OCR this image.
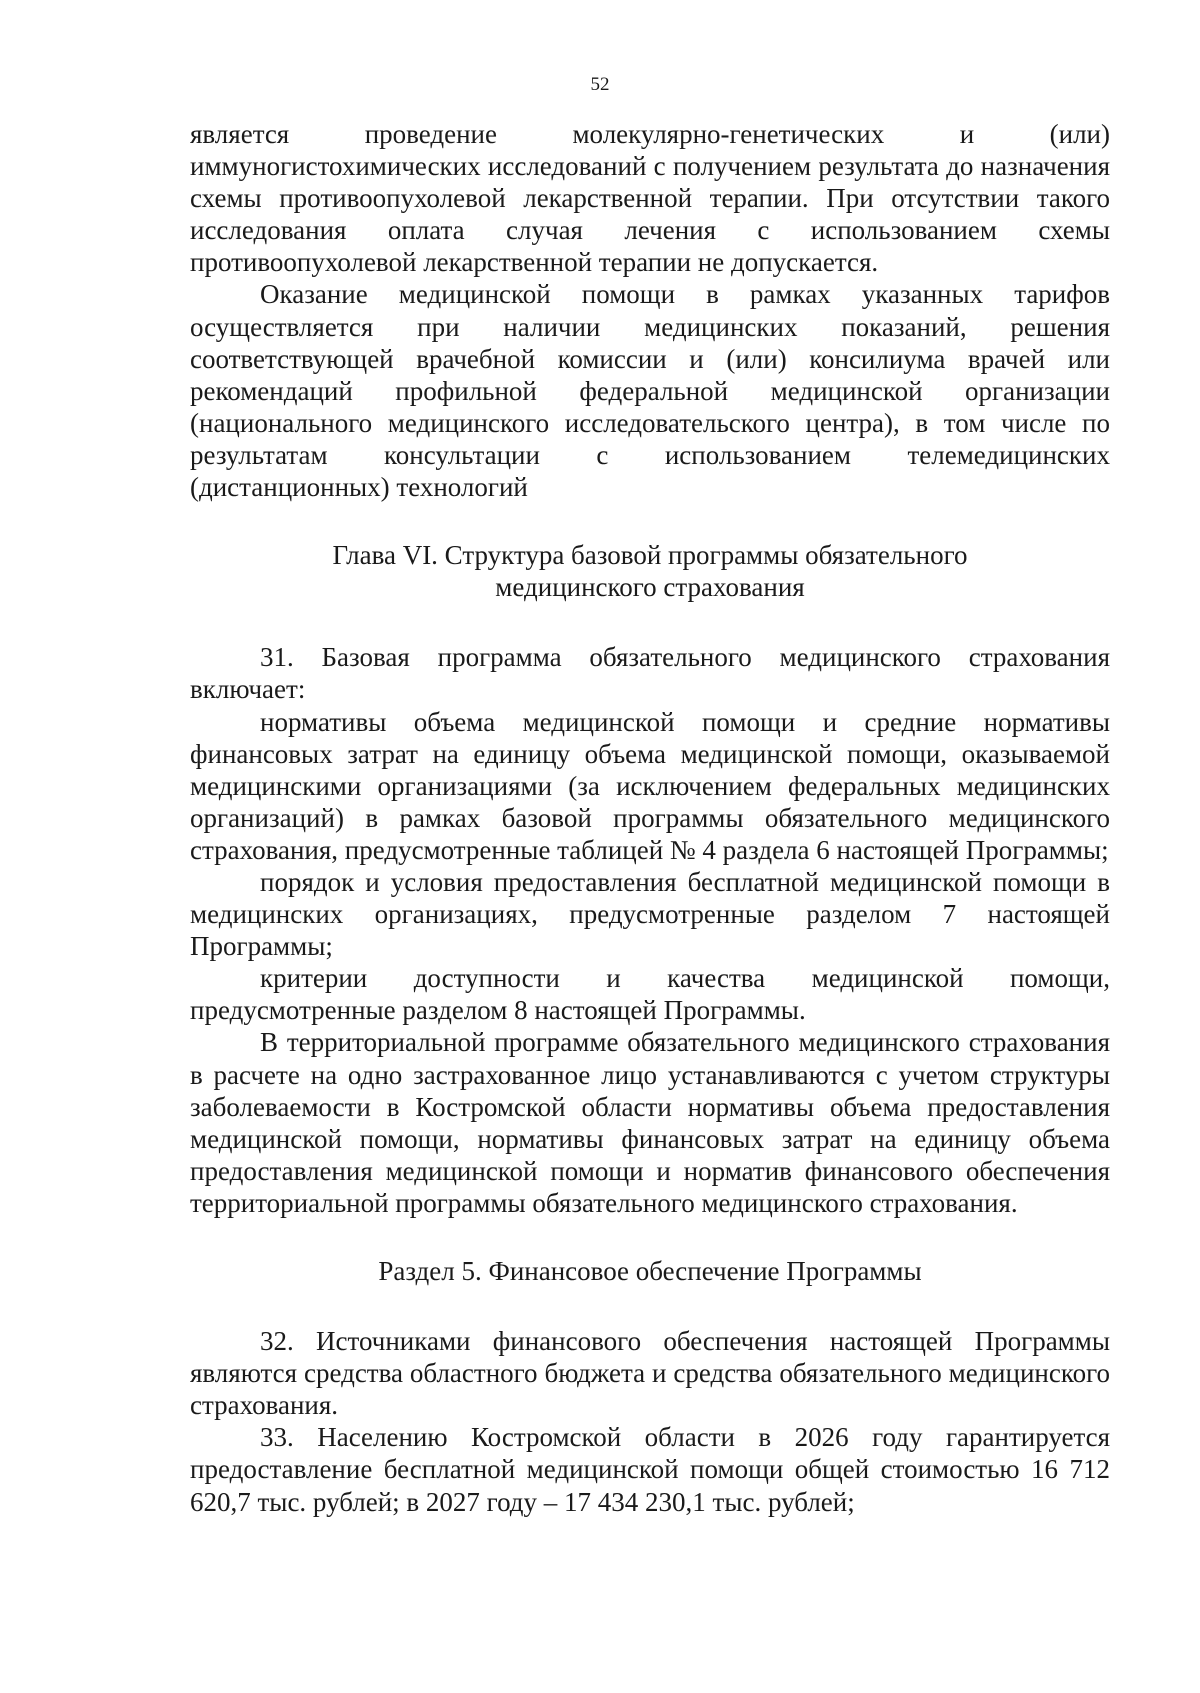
52

является проведение молекулярно-генетических и (или) иммуногистохимических исследований с получением результата до назначения схемы противоопухолевой лекарственной терапии. При отсутствии такого исследования оплата случая лечения с использованием схемы противоопухолевой лекарственной терапии не допускается.

Оказание медицинской помощи в рамках указанных тарифов осуществляется при наличии медицинских показаний, решения соответствующей врачебной комиссии и (или) консилиума врачей или рекомендаций профильной федеральной медицинской организации (национального медицинского исследовательского центра), в том числе по результатам консультации с использованием телемедицинских (дистанционных) технологий

Глава VI. Структура базовой программы обязательного
медицинского страхования

31. Базовая программа обязательного медицинского страхования включает:

нормативы объема медицинской помощи и средние нормативы финансовых затрат на единицу объема медицинской помощи, оказываемой медицинскими организациями (за исключением федеральных медицинских организаций) в рамках базовой программы обязательного медицинского страхования, предусмотренные таблицей № 4 раздела 6 настоящей Программы;

порядок и условия предоставления бесплатной медицинской помощи в медицинских организациях, предусмотренные разделом 7 настоящей Программы;

критерии доступности и качества медицинской помощи, предусмотренные разделом 8 настоящей Программы.

В территориальной программе обязательного медицинского страхования в расчете на одно застрахованное лицо устанавливаются с учетом структуры заболеваемости в Костромской области нормативы объема предоставления медицинской помощи, нормативы финансовых затрат на единицу объема предоставления медицинской помощи и норматив финансового обеспечения территориальной программы обязательного медицинского страхования.

Раздел 5. Финансовое обеспечение Программы

32. Источниками финансового обеспечения настоящей Программы являются средства областного бюджета и средства обязательного медицинского страхования.

33. Населению Костромской области в 2026 году гарантируется предоставление бесплатной медицинской помощи общей стоимостью 16 712 620,7 тыс. рублей; в 2027 году – 17 434 230,1 тыс. рублей;
